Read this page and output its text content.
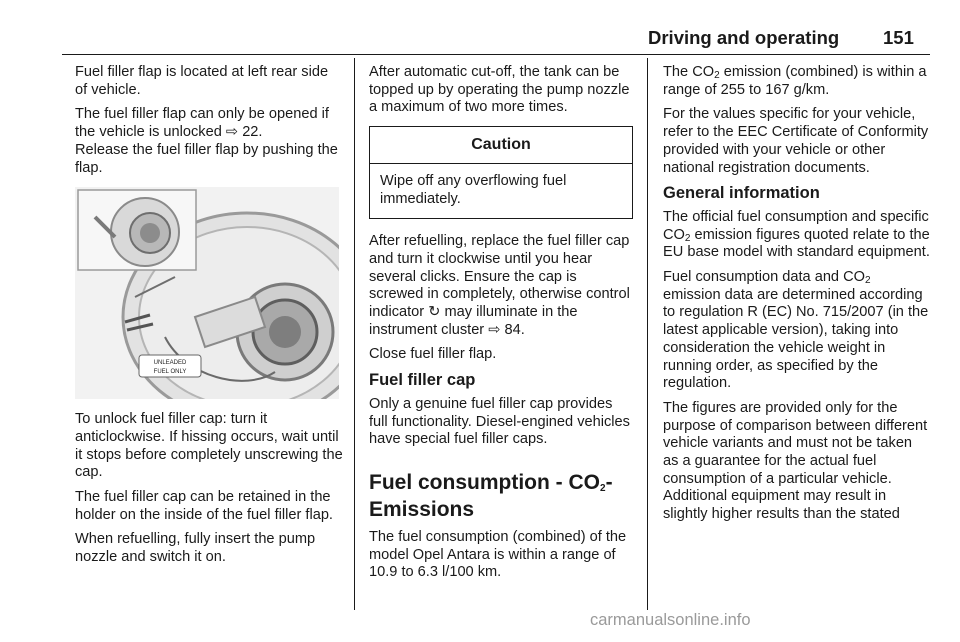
Driving and operating 151

Fuel filler flap is located at left rear side of vehicle.

The fuel filler flap can only be opened if the vehicle is unlocked ⇨ 22.
Release the fuel filler flap by pushing the flap.

UNLEADED
FUEL ONLY

To unlock fuel filler cap: turn it anticlockwise. If hissing occurs, wait until it stops before completely unscrewing the cap.

The fuel filler cap can be retained in the holder on the inside of the fuel filler flap.

When refuelling, fully insert the pump nozzle and switch it on.

After automatic cut-off, the tank can be topped up by operating the pump nozzle a maximum of two more times.

Caution
Wipe off any overflowing fuel immediately.

After refuelling, replace the fuel filler cap and turn it clockwise until you hear several clicks. Ensure the cap is screwed in completely, otherwise control indicator ↻ may illuminate in the instrument cluster ⇨ 84.

Close fuel filler flap.

Fuel filler cap

Only a genuine fuel filler cap provides full functionality. Diesel-engined vehicles have special fuel filler caps.

Fuel consumption - $CO_2-$
Emissions

The fuel consumption (combined) of the model Opel Antara is within a range of 10.9 to 6.3 l/100 km.

The $CO_2$ emission (combined) is within a range of 255 to 167 g/km.

For the values specific for your vehicle, refer to the EEC Certificate of Conformity provided with your vehicle or other national registration documents.

General information

The official fuel consumption and specific $CO_2$ emission figures quoted relate to the EU base model with standard equipment.

Fuel consumption data and $CO_2$ emission data are determined according to regulation R (EC) No. 715/2007 (in the latest applicable version), taking into consideration the vehicle weight in running order, as specified by the regulation.

The figures are provided only for the purpose of comparison between different vehicle variants and must not be taken as a guarantee for the actual fuel consumption of a particular vehicle. Additional equipment may result in slightly higher results than the stated

carmanualsonline.info
